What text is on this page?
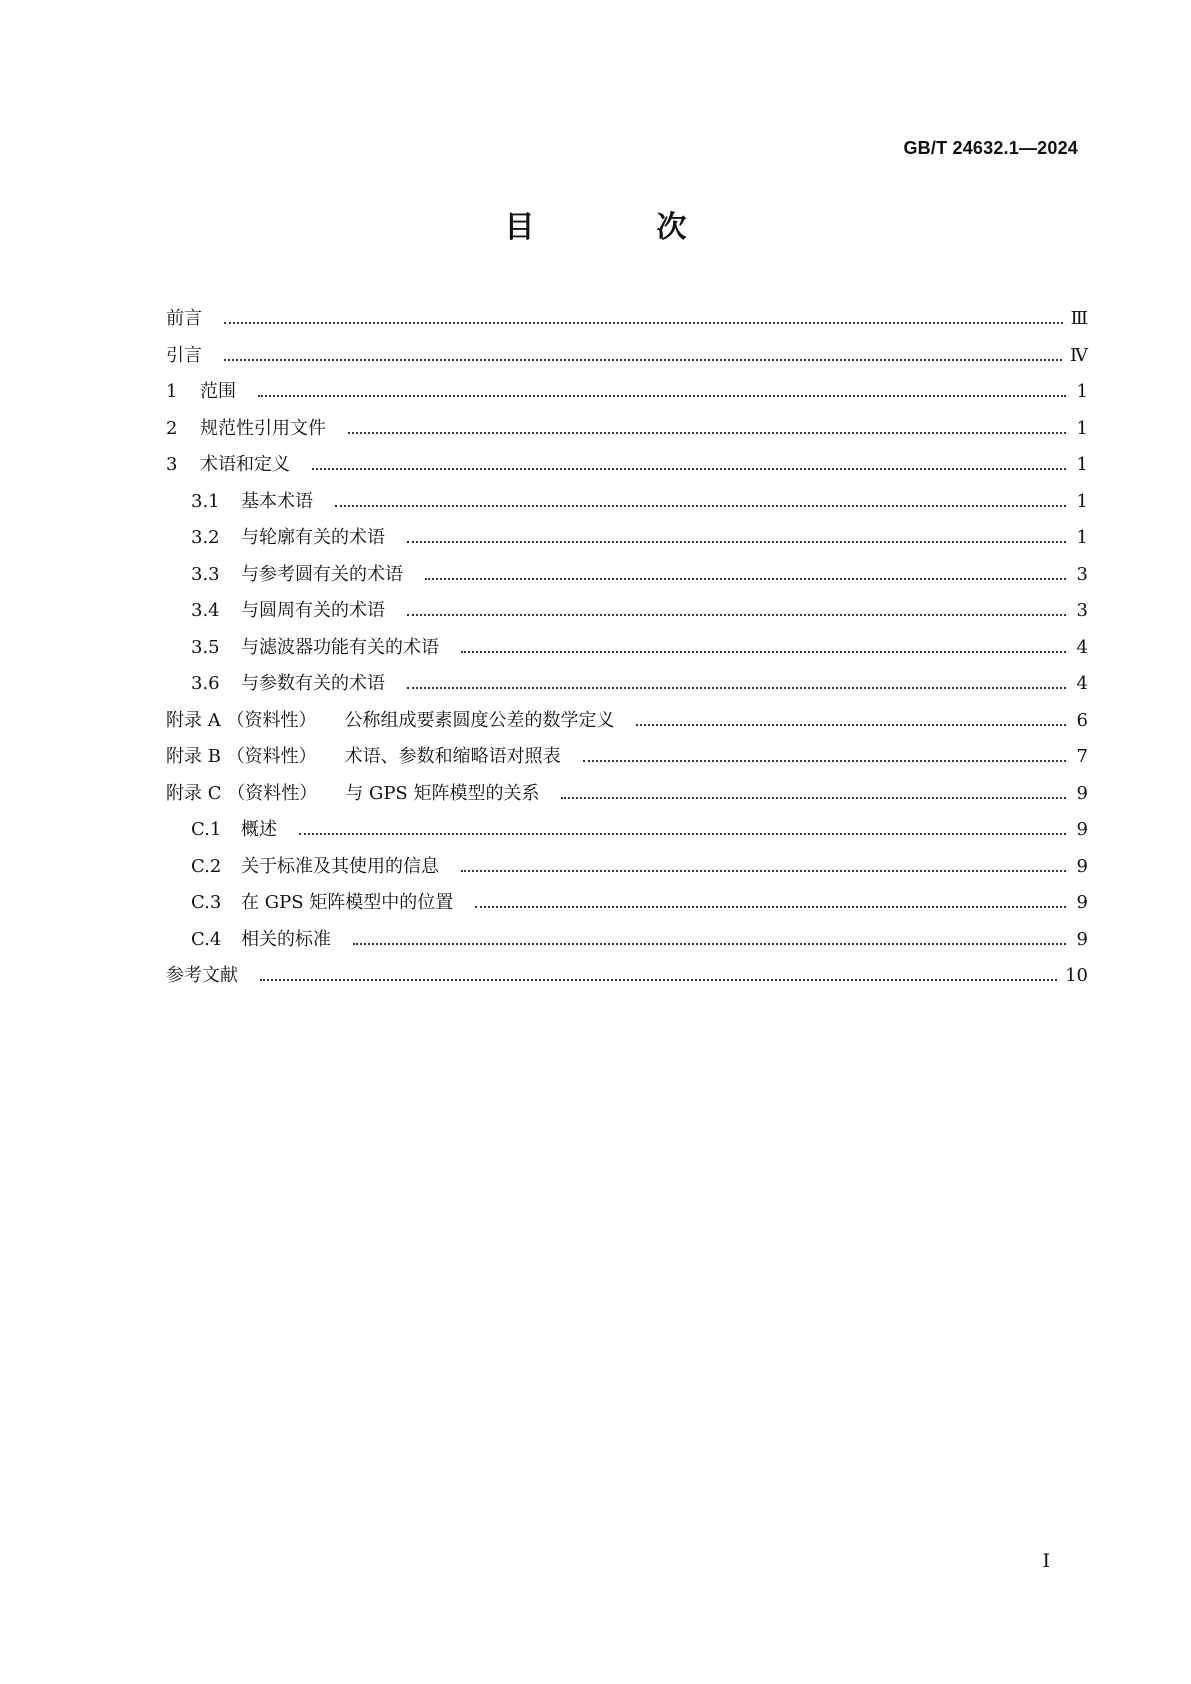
GB/T 24632.1—2024
目　次
前言	Ⅲ
引言	Ⅳ
1	范围	1
2	规范性引用文件	1
3	术语和定义	1
3.1	基本术语	1
3.2	与轮廓有关的术语	1
3.3	与参考圆有关的术语	3
3.4	与圆周有关的术语	3
3.5	与滤波器功能有关的术语	4
3.6	与参数有关的术语	4
附录 A （资料性） 公称组成要素圆度公差的数学定义	6
附录 B （资料性） 术语、参数和缩略语对照表	7
附录 C （资料性） 与 GPS 矩阵模型的关系	9
C.1	概述	9
C.2	关于标准及其使用的信息	9
C.3	在 GPS 矩阵模型中的位置	9
C.4	相关的标准	9
参考文献	10
Ⅰ
